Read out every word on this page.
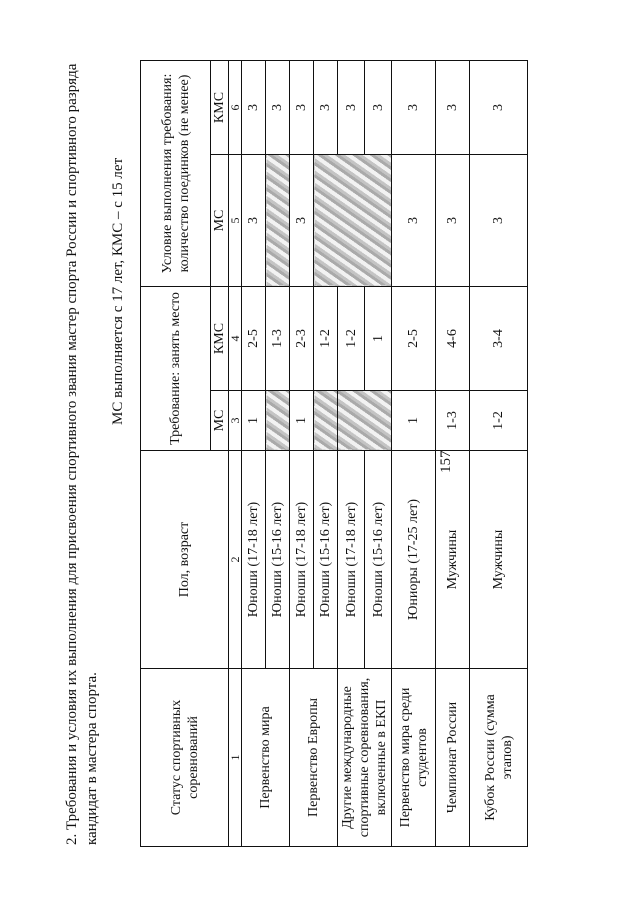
157
2. Требования и условия их выполнения для присвоения спортивного звания мастер спорта России и спортивного разряда кандидат в мастера спорта.
МС выполняется с 17 лет, КМС – с 15 лет
Статус спортивных соревнований	Пол, возраст	Требование: занять место		Условие выполнения требования: количество поединков (не менее)	
		МС	КМС	МС	КМС
1	2	3	4	5	6
Первенство мира	Юноши (17-18 лет)	1	2-5	3	3
	Юноши (15-16 лет)		1-3		3
Первенство Европы	Юноши (17-18 лет)	1	2-3	3	3
	Юноши (15-16 лет)		1-2		3
Другие международные спортивные соревнования, включенные в ЕКП	Юноши (17-18 лет)		1-2		3
	Юноши (15-16 лет)		1		3
Первенство мира среди студентов	Юниоры (17-25 лет)	1	2-5	3	3
Чемпионат России	Мужчины	1-3	4-6	3	3
Кубок России (сумма этапов)	Мужчины	1-2	3-4	3	3
